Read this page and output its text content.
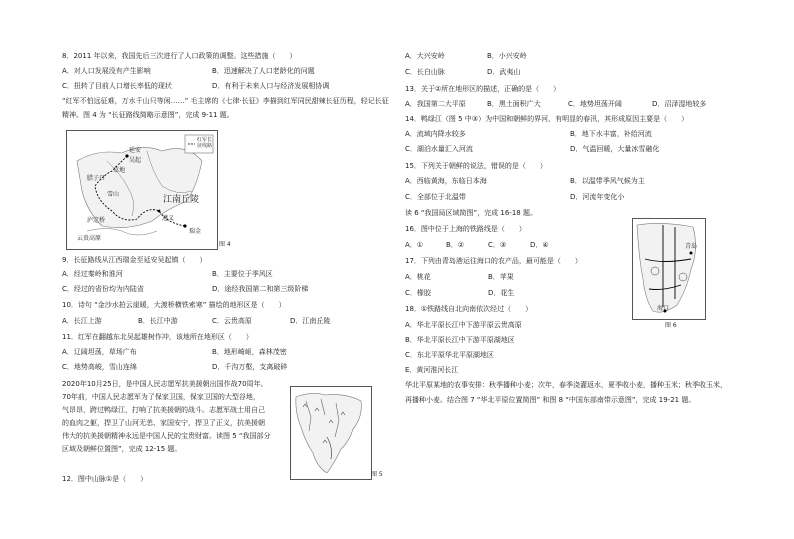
8．2011 年以来，我国先后三次进行了人口政策的调整。这些措施（　　）
A．对人口发展没有产生影响	B．迅速解决了人口老龄化的问题
C．扭转了目前人口增长率低的现状	D．有利于未来人口与经济发展相协调
“红军不怕远征难，万水千山只等闲……” 毛主席的《七律·长征》李描到红军同民甜辣长征历程，轻记长征
精神。图 4 为 “长征路线简略示意图”，完成 9-11 题。
红军长征线路
延安
吴起
腊子口
泸定桥	遵义
瑞金
江南丘陵
云贵高原
雪山
草地
图 4
9．长征路线从江西瑞金至延安吴起镇（　　）
A．经过秦岭和淮河	B．主要位于季风区
C．经过的省份均为内陆省	D．途经我国第二和第三级阶梯
10．诗句 “金沙水拍云崖暖，大渡桥横铁索寒” 描绘的地形区是（　　）
A．长江上游	B．长江中游	C．云贵高原	D．江南丘陵
11．红军在翻越东北吴起雄树作冲，该地所在地形区（　　）
A．辽阔坦荡，草场广布	B．地形崎岖，森林茂密
C．地势高峻，雪山连绵	D．千沟万壑，支离破碎
2020年10月25日，是中国人民志愿军抗美援朝出国作战70周年。
70年前，中国人民志愿军为了保家卫国，保家卫国的大型谷地，
气昂昂，跨过鸭绿江，打响了抗美援朝的战斗。志愿军战士用自己
的血肉之躯，捍卫了山河无恙、家国安宁，捍卫了正义，抗美援朝
伟大的抗美援朝精神永远是中国人民的宝贵财富。读图 5 “我国部分
区域及朝鲜位置图”，完成 12-15 题。
图 5
12．图中山脉①是（　　）
A．大兴安岭	B．小兴安岭
C．长白山脉	D．武夷山
13．关于②所在地形区的描述，正确的是（　　）
A．我国第二大平原	B．黑土面积广大	C．地势坦荡开阔	D．沼泽湿地较多
14．鸭绿江（图 5 中③）为中国和朝鲜的界河，有明显的春汛，其形成原因主要是（　　）
A．流域内降水较多	B．地下水丰富，补给河流
C．湖泊水量汇入河流	D．气温回暖，大量冰雪融化
15．下列关于朝鲜的说法，错误的是（　　）
A．西临黄海，东临日本海	B．以温带季风气候为主
C．全部位于北温带	D．河流年变化小
读 6 “我国局区域简图”，完成 16-18 题。
16．图中位于上海的铁路线是（　　）
A．①	B．②	C．③	D．④
17．下列由青岛港运往海口的农产品，最可能是（　　）
A．桃花	B．苹果
C．橡胶	D．花生
18．①铁路线自北向南依次经过（　　）
A．华北平原长江中下游平原云贵高原
B．华北平原长江中下游平原湖地区
C．东北平原华北平原湖地区
E．黄河淮河长江
青岛
海口
图 6
华北平原某地的农事安排：秋季播种小麦；次年，春季浇灌返水，夏季收小麦，播种玉米；秋季收玉米，
再播种小麦。结合图 7 “华北平原位置简图” 和图 8 “中国东部南带示意图”，完成 19-21 题。
